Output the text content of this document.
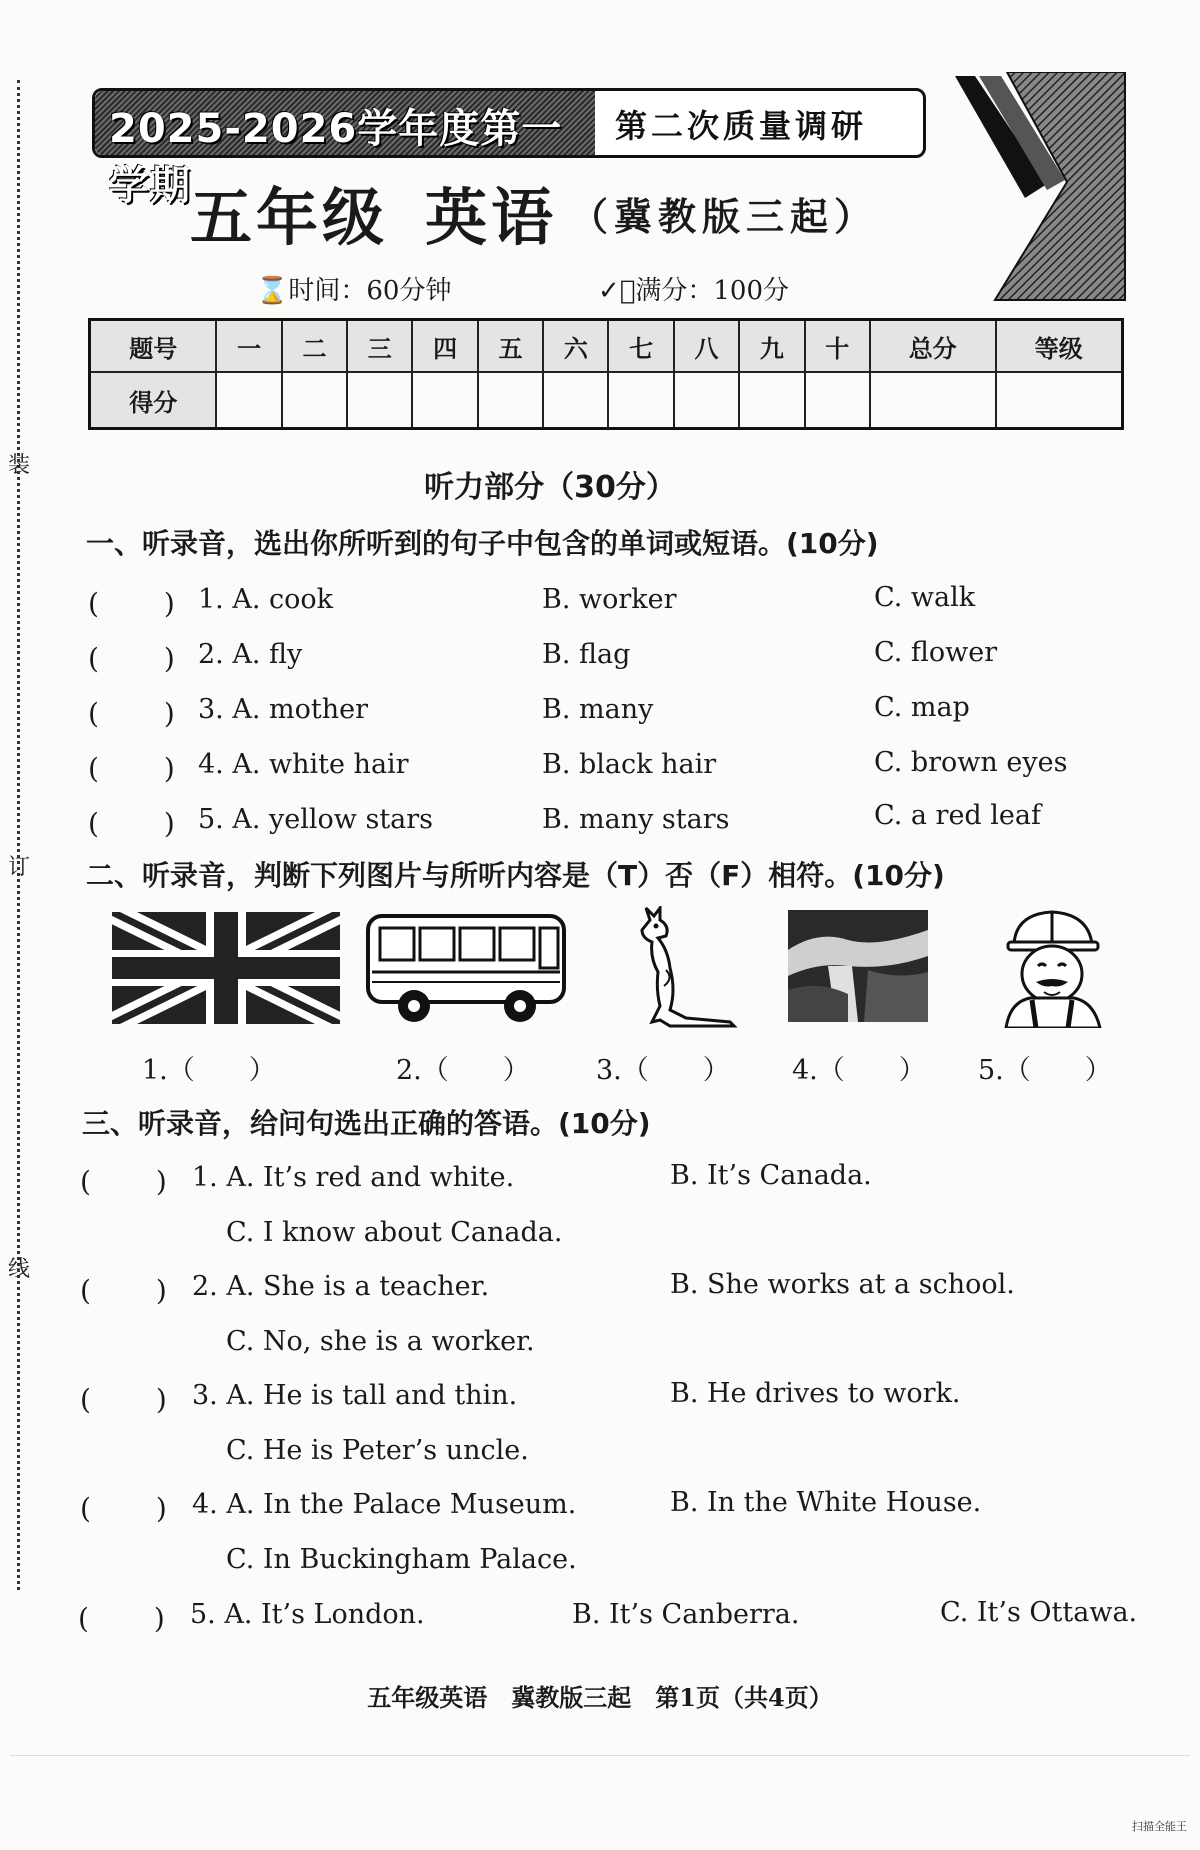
装
订
线
2025-2026学年度第一学期
第二次质量调研
五年级 英语 （冀教版三起）
⌛时间：60分钟	✓⃝满分：100分
题号	一	二	三	四	五	六	七	八	九	十	总分	等级
得分												
听力部分（30分）
一、听录音，选出你所听到的句子中包含的单词或短语。(10分)
(　　 ) 1. A. cook	B. worker	C. walk
(　　 ) 2. A. fly	B. flag	C. flower
(　　 ) 3. A. mother	B. many	C. map
(　　 ) 4. A. white hair	B. black hair	C. brown eyes
(　　 ) 5. A. yellow stars	B. many stars	C. a red leaf
二、听录音，判断下列图片与所听内容是（T）否（F）相符。(10分)
1.（　　）	2.（　　） 3.（　　） 4.（　　） 5.（　　）
三、听录音，给问句选出正确的答语。(10分)
(　　 ) 1. A. It’s red and white.	B. It’s Canada.
C. I know about Canada.
(　　 ) 2. A. She is a teacher.	B. She works at a school.
C. No, she is a worker.
(　　 ) 3. A. He is tall and thin.	B. He drives to work.
C. He is Peter’s uncle.
(　　 ) 4. A. In the Palace Museum.	B. In the White House.
C. In Buckingham Palace.
(　　 ) 5. A. It’s London.	B. It’s Canberra.	C. It’s Ottawa.
五年级英语　冀教版三起　第1页（共4页）
扫描全能王
